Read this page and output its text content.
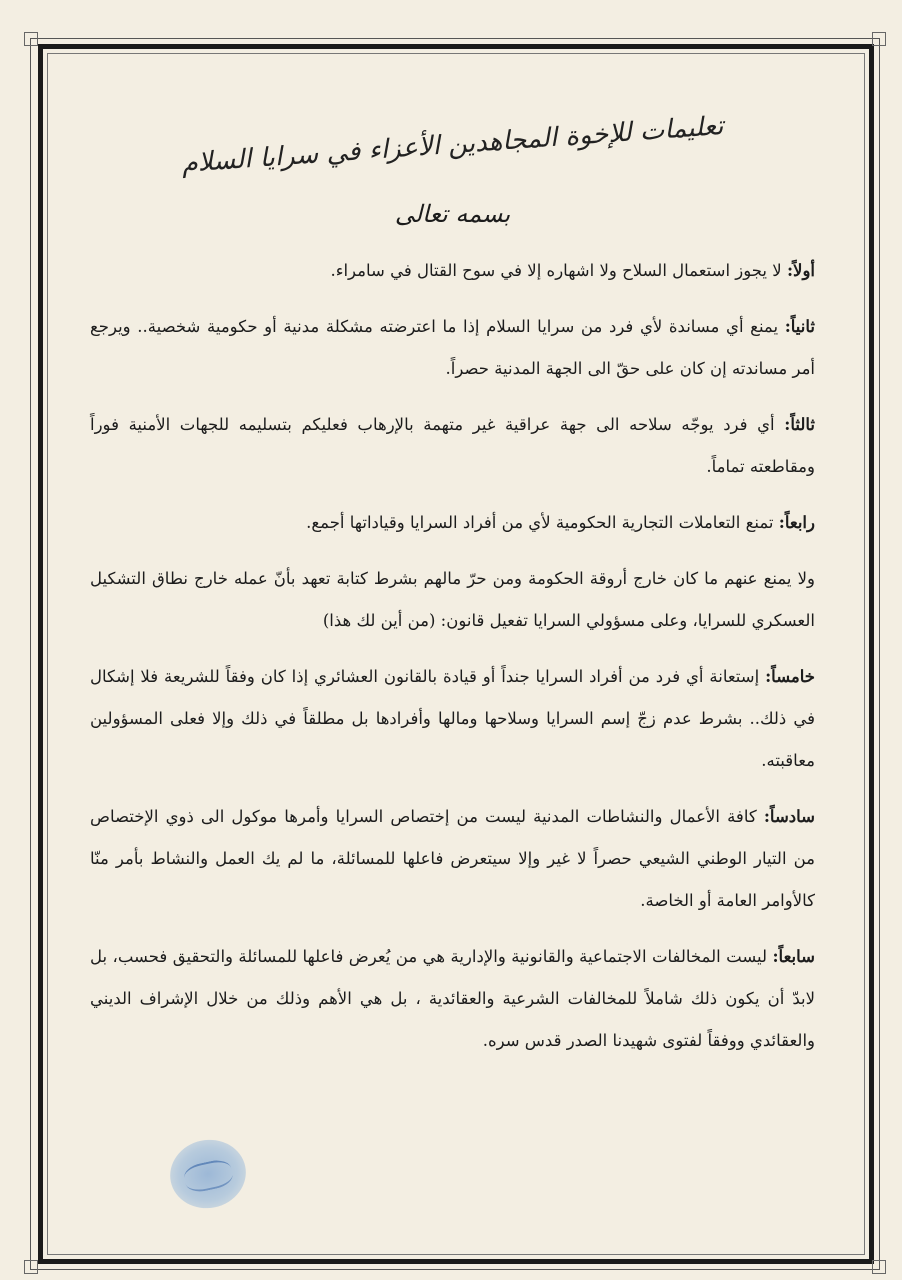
تعليمات للإخوة المجاهدين الأعزاء في سرايا السلام
بسمه تعالى

أولاً: لا يجوز استعمال السلاح ولا اشهاره إلا في سوح القتال في سامراء.

ثانياً: يمنع أي مساندة لأي فرد من سرايا السلام إذا ما اعترضته مشكلة مدنية أو حكومية شخصية.. ويرجع أمر مساندته إن كان على حقّ الى الجهة المدنية حصراً.

ثالثاً: أي فرد يوجّه سلاحه الى جهة عراقية غير متهمة بالإرهاب فعليكم بتسليمه للجهات الأمنية فوراً ومقاطعته تماماً.

رابعاً: تمنع التعاملات التجارية الحكومية لأي من أفراد السرايا وقياداتها أجمع.

ولا يمنع عنهم ما كان خارج أروقة الحكومة ومن حرّ مالهم بشرط كتابة تعهد بأنّ عمله خارج نطاق التشكيل العسكري للسرايا، وعلى مسؤولي السرايا تفعيل قانون: (من أين لك هذا)

خامساً: إستعانة أي فرد من أفراد السرايا جنداً أو قيادة بالقانون العشائري إذا كان وفقاً للشريعة فلا إشكال في ذلك.. بشرط عدم زجّ إسم السرايا وسلاحها ومالها وأفرادها بل مطلقاً في ذلك وإلا فعلى المسؤولين معاقبته.

سادساً: كافة الأعمال والنشاطات المدنية ليست من إختصاص السرايا وأمرها موكول الى ذوي الإختصاص من التيار الوطني الشيعي حصراً لا غير وإلا سيتعرض فاعلها للمسائلة، ما لم يك العمل والنشاط بأمر منّا كالأوامر العامة أو الخاصة.

سابعاً: ليست المخالفات الاجتماعية والقانونية والإدارية هي من يُعرض فاعلها للمسائلة والتحقيق فحسب، بل لابدّ أن يكون ذلك شاملاً للمخالفات الشرعية والعقائدية ، بل هي الأهم وذلك من خلال الإشراف الديني والعقائدي ووفقاً لفتوى شهيدنا الصدر قدس سره.
